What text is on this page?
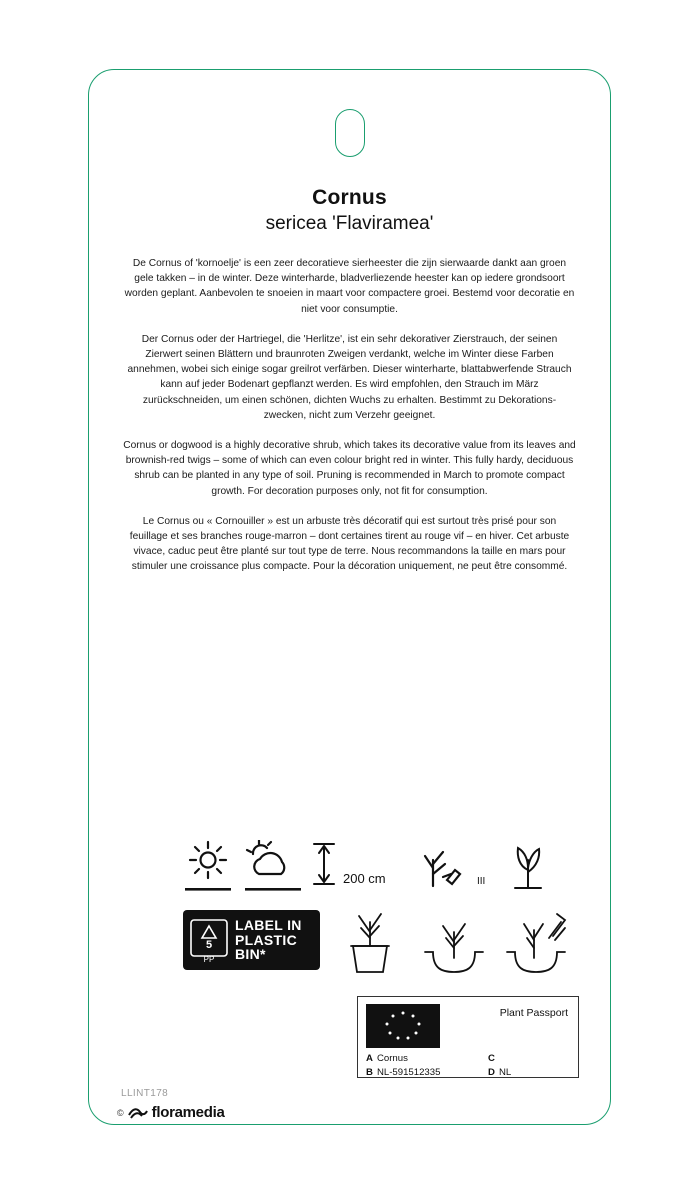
Cornus
sericea 'Flaviramea'

De Cornus of 'kornoelje' is een zeer decoratieve sierheester die zijn sierwaarde dankt aan groen gele takken – in de winter. Deze winterharde, bladverliezende heester kan op iedere grondsoort worden geplant. Aanbevolen te snoeien in maart voor compactere groei. Bestemd voor decoratie en niet voor consumptie.

Der Cornus oder der Hartriegel, die 'Herlitze', ist ein sehr dekorativer Zierstrauch, der seinen Zierwert seinen Blättern und braunroten Zweigen verdankt, welche im Winter diese Farben annehmen, wobei sich einige sogar greilrot verfärben. Dieser winterharte, blattabwerfende Strauch kann auf jeder Bodenart gepflanzt werden. Es wird empfohlen, den Strauch im März zurückschneiden, um einen schönen, dichten Wuchs zu erhalten. Bestimmt zu Dekorations- zwecken, nicht zum Verzehr geeignet.

Cornus or dogwood is a highly decorative shrub, which takes its decorative value from its leaves and brownish-red twigs – some of which can even colour bright red in winter. This fully hardy, deciduous shrub can be planted in any type of soil. Pruning is recommended in March to promote compact growth. For decoration purposes only, not fit for consumption.

Le Cornus ou « Cornouiller » est un arbuste très décoratif qui est surtout très prisé pour son feuillage et ses branches rouge-marron – dont certaines tirent au rouge vif – en hiver. Cet arbuste vivace, caduc peut être planté sur tout type de terre. Nous recommandons la taille en mars pour stimuler une croissance plus compacte. Pour la décoration uniquement, ne peut être consommé.

200 cm	III
5
PP
LABEL IN
PLASTIC
BIN*
Plant Passport
A Cornus
B NL-591512335
C
D NL
LLINT178
© floramedia
